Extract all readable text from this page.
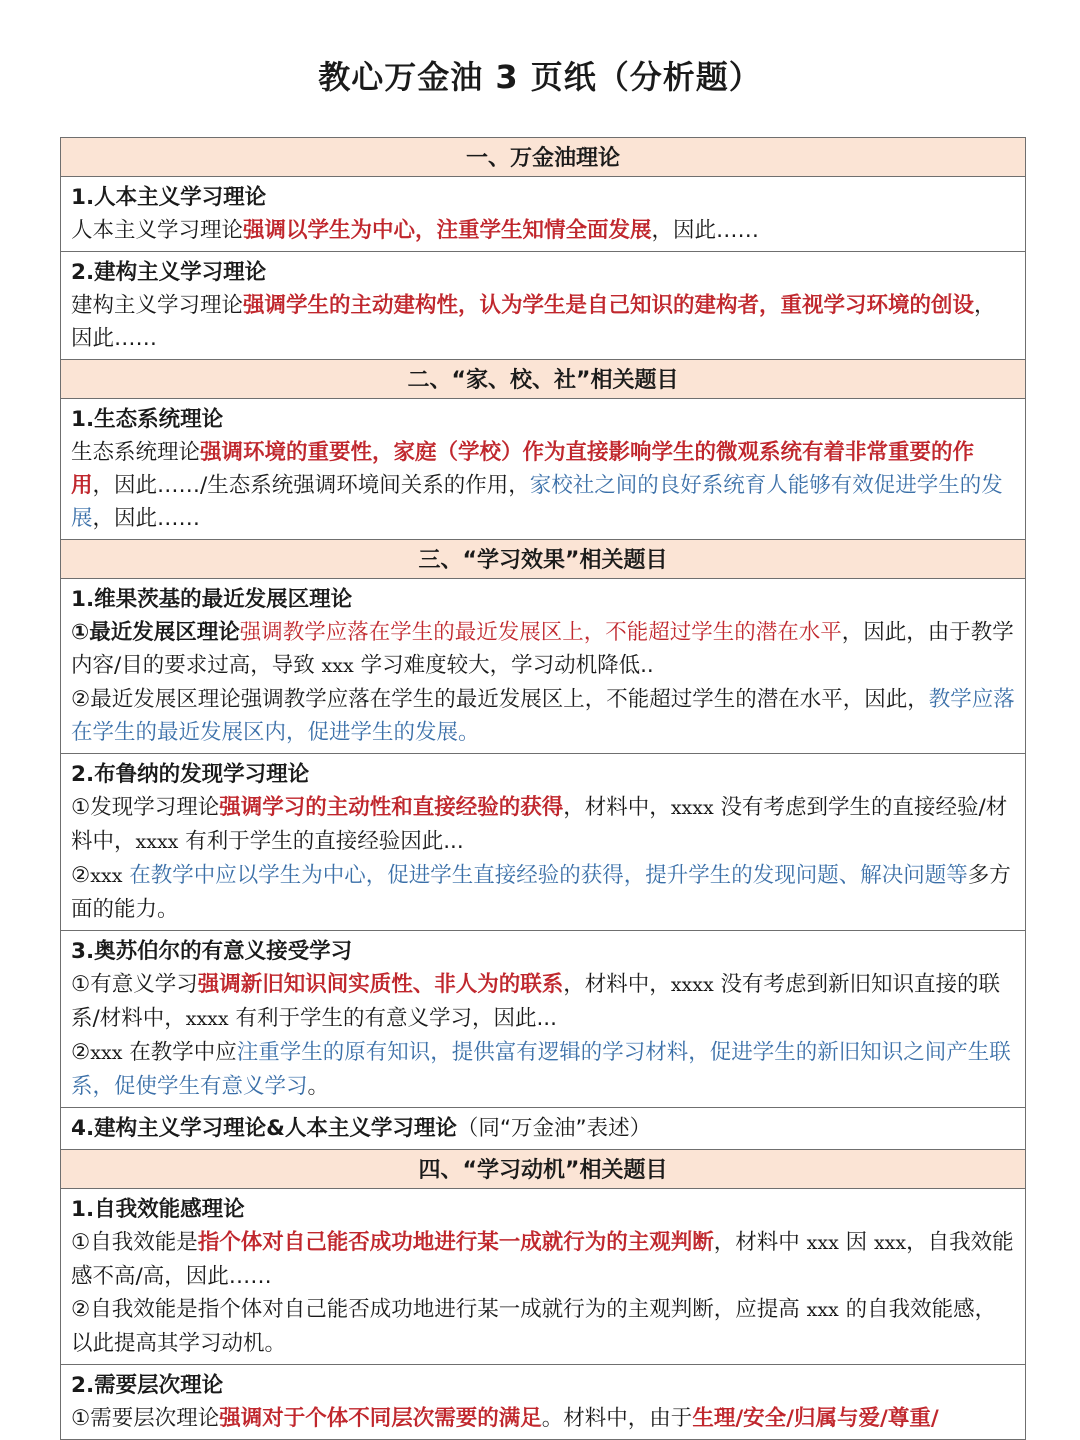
教心万金油 3 页纸（分析题）
一、万金油理论
1.人本主义学习理论
人本主义学习理论强调以学生为中心，注重学生知情全面发展，因此……
2.建构主义学习理论
建构主义学习理论强调学生的主动建构性，认为学生是自己知识的建构者，重视学习环境的创设，因此……
二、“家、校、社”相关题目
1.生态系统理论
生态系统理论强调环境的重要性，家庭（学校）作为直接影响学生的微观系统有着非常重要的作用，因此……/生态系统强调环境间关系的作用，家校社之间的良好系统育人能够有效促进学生的发展，因此……
三、“学习效果”相关题目
1.维果茨基的最近发展区理论
①最近发展区理论强调教学应落在学生的最近发展区上，不能超过学生的潜在水平，因此，由于教学内容/目的要求过高，导致 xxx 学习难度较大，学习动机降低..
②最近发展区理论强调教学应落在学生的最近发展区上，不能超过学生的潜在水平，因此，教学应落在学生的最近发展区内，促进学生的发展。
2.布鲁纳的发现学习理论
①发现学习理论强调学习的主动性和直接经验的获得，材料中，xxxx 没有考虑到学生的直接经验/材料中，xxxx 有利于学生的直接经验因此...
②xxx 在教学中应以学生为中心，促进学生直接经验的获得，提升学生的发现问题、解决问题等多方面的能力。
3.奥苏伯尔的有意义接受学习
①有意义学习强调新旧知识间实质性、非人为的联系，材料中，xxxx 没有考虑到新旧知识直接的联系/材料中，xxxx 有利于学生的有意义学习，因此...
②xxx 在教学中应注重学生的原有知识，提供富有逻辑的学习材料，促进学生的新旧知识之间产生联系，促使学生有意义学习。
4.建构主义学习理论&人本主义学习理论（同“万金油”表述）
四、“学习动机”相关题目
1.自我效能感理论
①自我效能是指个体对自己能否成功地进行某一成就行为的主观判断，材料中 xxx 因 xxx，自我效能感不高/高，因此……
②自我效能是指个体对自己能否成功地进行某一成就行为的主观判断，应提高 xxx 的自我效能感，以此提高其学习动机。
2.需要层次理论
①需要层次理论强调对于个体不同层次需要的满足。材料中，由于生理/安全/归属与爱/尊重/
